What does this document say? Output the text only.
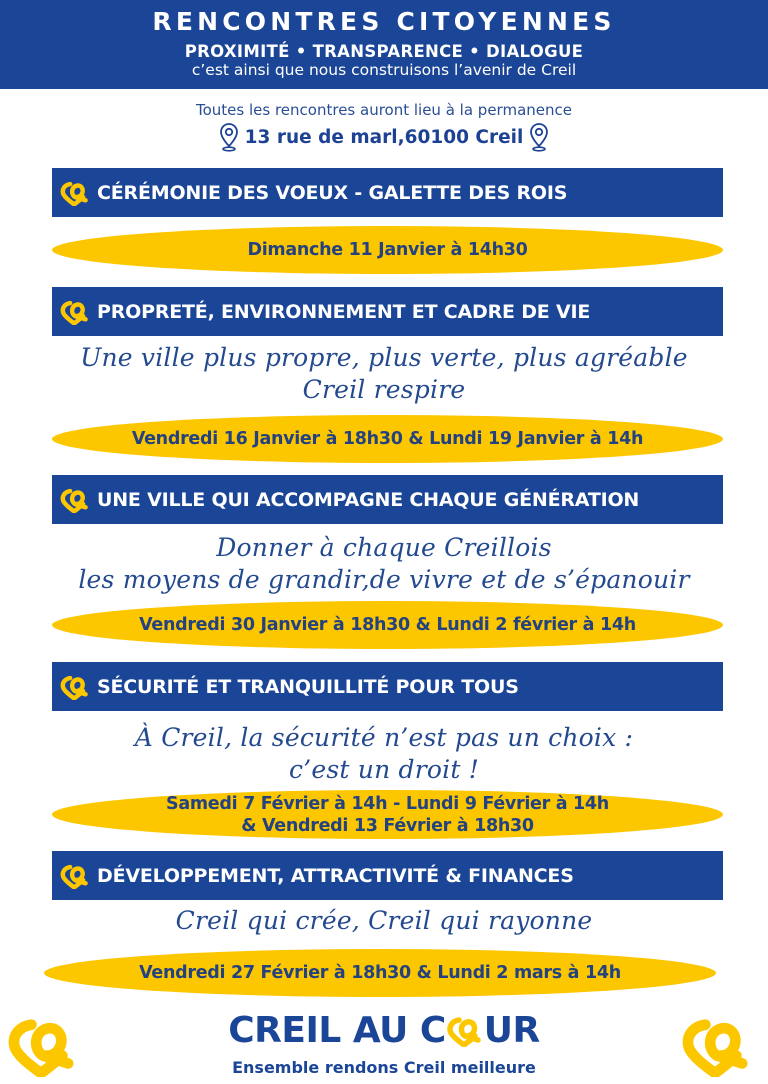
RENCONTRES CITOYENNES
PROXIMITÉ • TRANSPARENCE • DIALOGUE
c’est ainsi que nous construisons l’avenir de Creil
Toutes les rencontres auront lieu à la permanence
13 rue de marl,60100 Creil
CÉRÉMONIE DES VOEUX - GALETTE DES ROIS
Dimanche 11 Janvier à 14h30
PROPRETÉ, ENVIRONNEMENT ET CADRE DE VIE
Une ville plus propre, plus verte, plus agréable
Creil respire
Vendredi 16 Janvier à 18h30 & Lundi 19 Janvier à 14h
UNE VILLE QUI ACCOMPAGNE CHAQUE GÉNÉRATION
Donner à chaque Creillois
les moyens de grandir,de vivre et de s’épanouir
Vendredi 30 Janvier à 18h30 & Lundi 2 février à 14h
SÉCURITÉ ET TRANQUILLITÉ POUR TOUS
À Creil, la sécurité n’est pas un choix :
c’est un droit !
Samedi 7 Février à 14h - Lundi 9 Février à 14h
& Vendredi 13 Février à 18h30
DÉVELOPPEMENT, ATTRACTIVITÉ & FINANCES
Creil qui crée, Creil qui rayonne
Vendredi 27 Février à 18h30 & Lundi 2 mars à 14h
CREIL AU C UR
Ensemble rendons Creil meilleure
